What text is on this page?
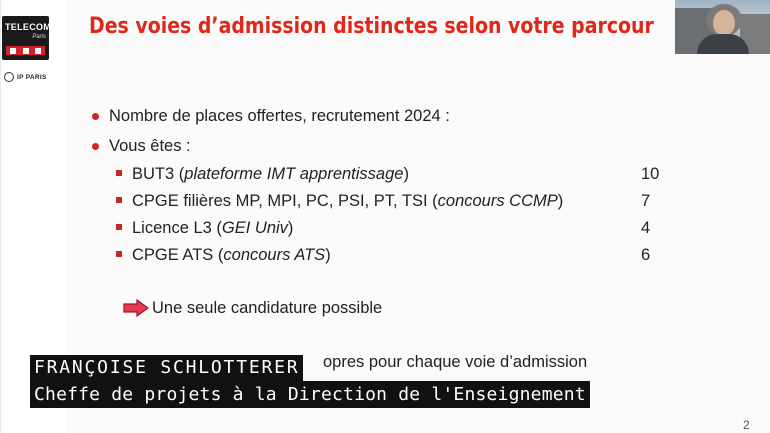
TELECOM
Paris
IP PARIS
Des voies d’admission distinctes selon votre parcour
Nombre de places offertes, recrutement 2024 :
Vous êtes :
BUT3 (plateforme IMT apprentissage)	10
CPGE filières MP, MPI, PC, PSI, PT, TSI (concours CCMP)	7
Licence L3 (GEI Univ)	4
CPGE ATS (concours ATS)	6
Une seule candidature possible
opres pour chaque voie d’admission
2
FRANÇOISE SCHLOTTERER
Cheffe de projets à la Direction de l'Enseignement
